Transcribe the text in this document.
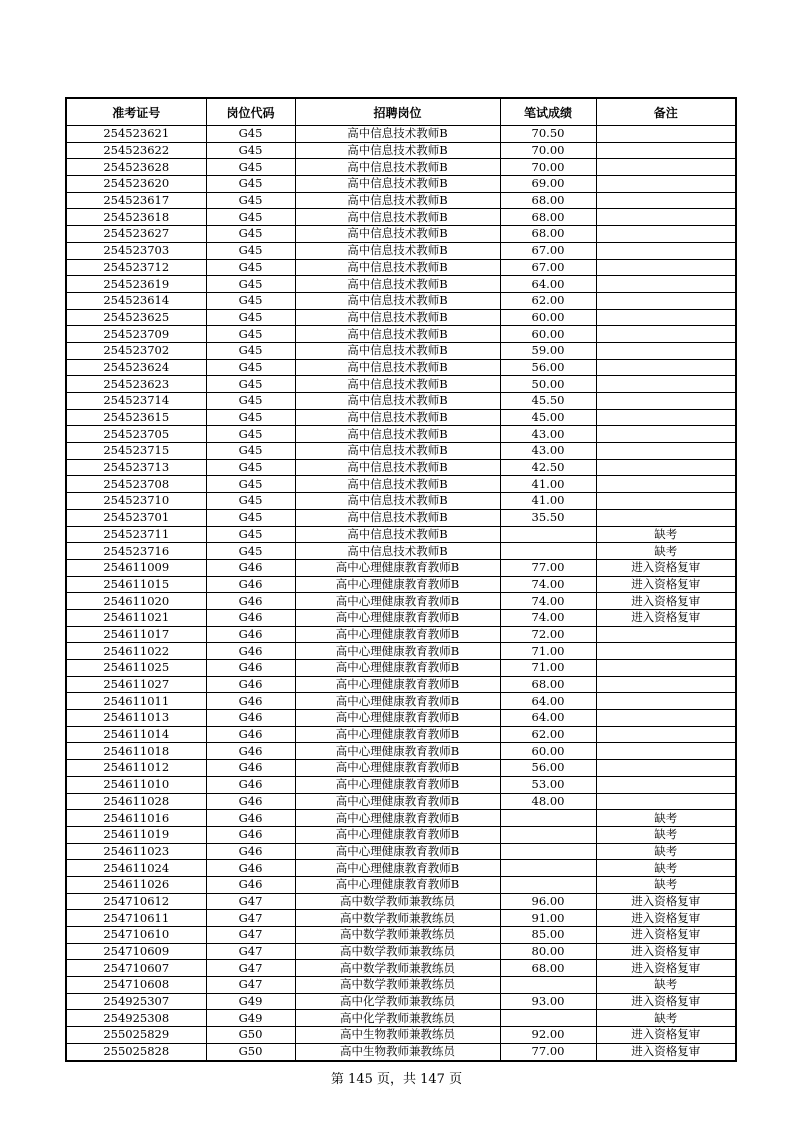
准考证号	岗位代码	招聘岗位	笔试成绩	备注
254523621	G45	高中信息技术教师B	70.50	
254523622	G45	高中信息技术教师B	70.00	
254523628	G45	高中信息技术教师B	70.00	
254523620	G45	高中信息技术教师B	69.00	
254523617	G45	高中信息技术教师B	68.00	
254523618	G45	高中信息技术教师B	68.00	
254523627	G45	高中信息技术教师B	68.00	
254523703	G45	高中信息技术教师B	67.00	
254523712	G45	高中信息技术教师B	67.00	
254523619	G45	高中信息技术教师B	64.00	
254523614	G45	高中信息技术教师B	62.00	
254523625	G45	高中信息技术教师B	60.00	
254523709	G45	高中信息技术教师B	60.00	
254523702	G45	高中信息技术教师B	59.00	
254523624	G45	高中信息技术教师B	56.00	
254523623	G45	高中信息技术教师B	50.00	
254523714	G45	高中信息技术教师B	45.50	
254523615	G45	高中信息技术教师B	45.00	
254523705	G45	高中信息技术教师B	43.00	
254523715	G45	高中信息技术教师B	43.00	
254523713	G45	高中信息技术教师B	42.50	
254523708	G45	高中信息技术教师B	41.00	
254523710	G45	高中信息技术教师B	41.00	
254523701	G45	高中信息技术教师B	35.50	
254523711	G45	高中信息技术教师B		缺考
254523716	G45	高中信息技术教师B		缺考
254611009	G46	高中心理健康教育教师B	77.00	进入资格复审
254611015	G46	高中心理健康教育教师B	74.00	进入资格复审
254611020	G46	高中心理健康教育教师B	74.00	进入资格复审
254611021	G46	高中心理健康教育教师B	74.00	进入资格复审
254611017	G46	高中心理健康教育教师B	72.00	
254611022	G46	高中心理健康教育教师B	71.00	
254611025	G46	高中心理健康教育教师B	71.00	
254611027	G46	高中心理健康教育教师B	68.00	
254611011	G46	高中心理健康教育教师B	64.00	
254611013	G46	高中心理健康教育教师B	64.00	
254611014	G46	高中心理健康教育教师B	62.00	
254611018	G46	高中心理健康教育教师B	60.00	
254611012	G46	高中心理健康教育教师B	56.00	
254611010	G46	高中心理健康教育教师B	53.00	
254611028	G46	高中心理健康教育教师B	48.00	
254611016	G46	高中心理健康教育教师B		缺考
254611019	G46	高中心理健康教育教师B		缺考
254611023	G46	高中心理健康教育教师B		缺考
254611024	G46	高中心理健康教育教师B		缺考
254611026	G46	高中心理健康教育教师B		缺考
254710612	G47	高中数学教师兼教练员	96.00	进入资格复审
254710611	G47	高中数学教师兼教练员	91.00	进入资格复审
254710610	G47	高中数学教师兼教练员	85.00	进入资格复审
254710609	G47	高中数学教师兼教练员	80.00	进入资格复审
254710607	G47	高中数学教师兼教练员	68.00	进入资格复审
254710608	G47	高中数学教师兼教练员		缺考
254925307	G49	高中化学教师兼教练员	93.00	进入资格复审
254925308	G49	高中化学教师兼教练员		缺考
255025829	G50	高中生物教师兼教练员	92.00	进入资格复审
255025828	G50	高中生物教师兼教练员	77.00	进入资格复审
第 145 页，共 147 页
